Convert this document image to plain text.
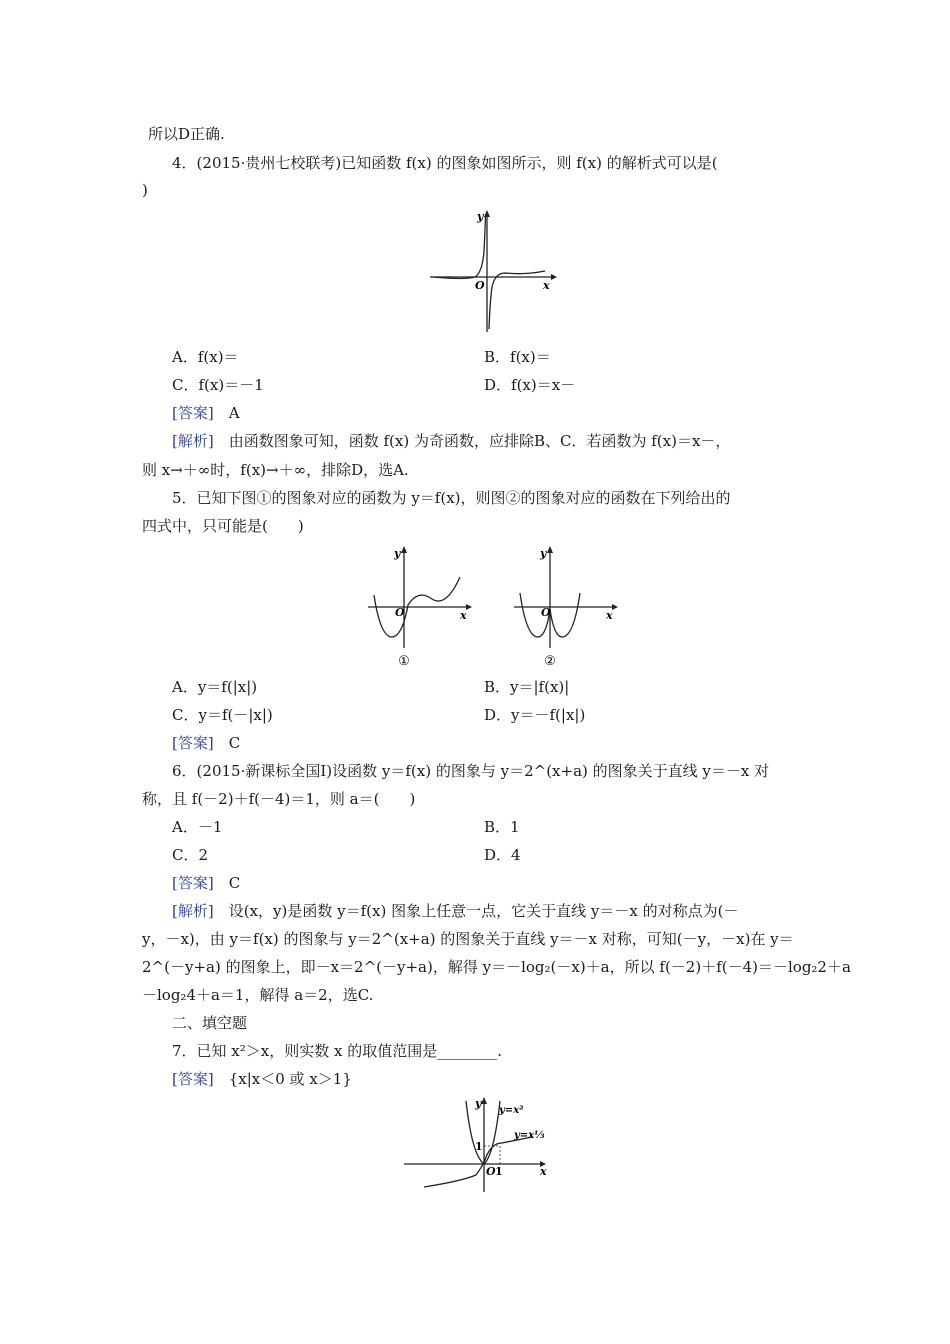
所以D正确.
4．(2015·贵州七校联考)已知函数 f(x) 的图象如图所示，则 f(x) 的解析式可以是(
)
y
x
O
A．f(x)＝	B．f(x)＝
C．f(x)＝－1	D．f(x)＝x－
[答案]　 A
[解析]　 由函数图象可知，函数 f(x) 为奇函数，应排除B、C．若函数为 f(x)＝x－，
则 x→＋∞时，f(x)→＋∞，排除D，选A.
5．已知下图①的图象对应的函数为 y＝f(x)，则图②的图象对应的函数在下列给出的
四式中，只可能是(　　)
y
x
O
①
y
x
O
②
A．y＝f(|x|)	B．y＝|f(x)|
C．y＝f(－|x|)	D．y＝－f(|x|)
[答案]　 C
6．(2015·新课标全国Ⅰ)设函数 y＝f(x) 的图象与 y＝2^(x+a) 的图象关于直线 y＝－x 对
称，且 f(－2)＋f(－4)＝1，则 a＝(　　)
A．－1	B．1
C．2	D．4
[答案]　 C
[解析]　 设(x，y)是函数 y＝f(x) 图象上任意一点，它关于直线 y＝－x 的对称点为(－
y，－x)，由 y＝f(x) 的图象与 y＝2^(x+a) 的图象关于直线 y＝－x 对称，可知(－y，－x)在 y＝
2^(－y+a) 的图象上，即－x＝2^(－y+a)，解得 y＝－log₂(－x)＋a，所以 f(－2)＋f(－4)＝－log₂2＋a
－log₂4＋a＝1，解得 a＝2，选C.
二、填空题
7．已知 x²＞x，则实数 x 的取值范围是________.
[答案]　 {x|x＜0 或 x＞1}
y
x
O 1
1
y=x²
y=x⅓
